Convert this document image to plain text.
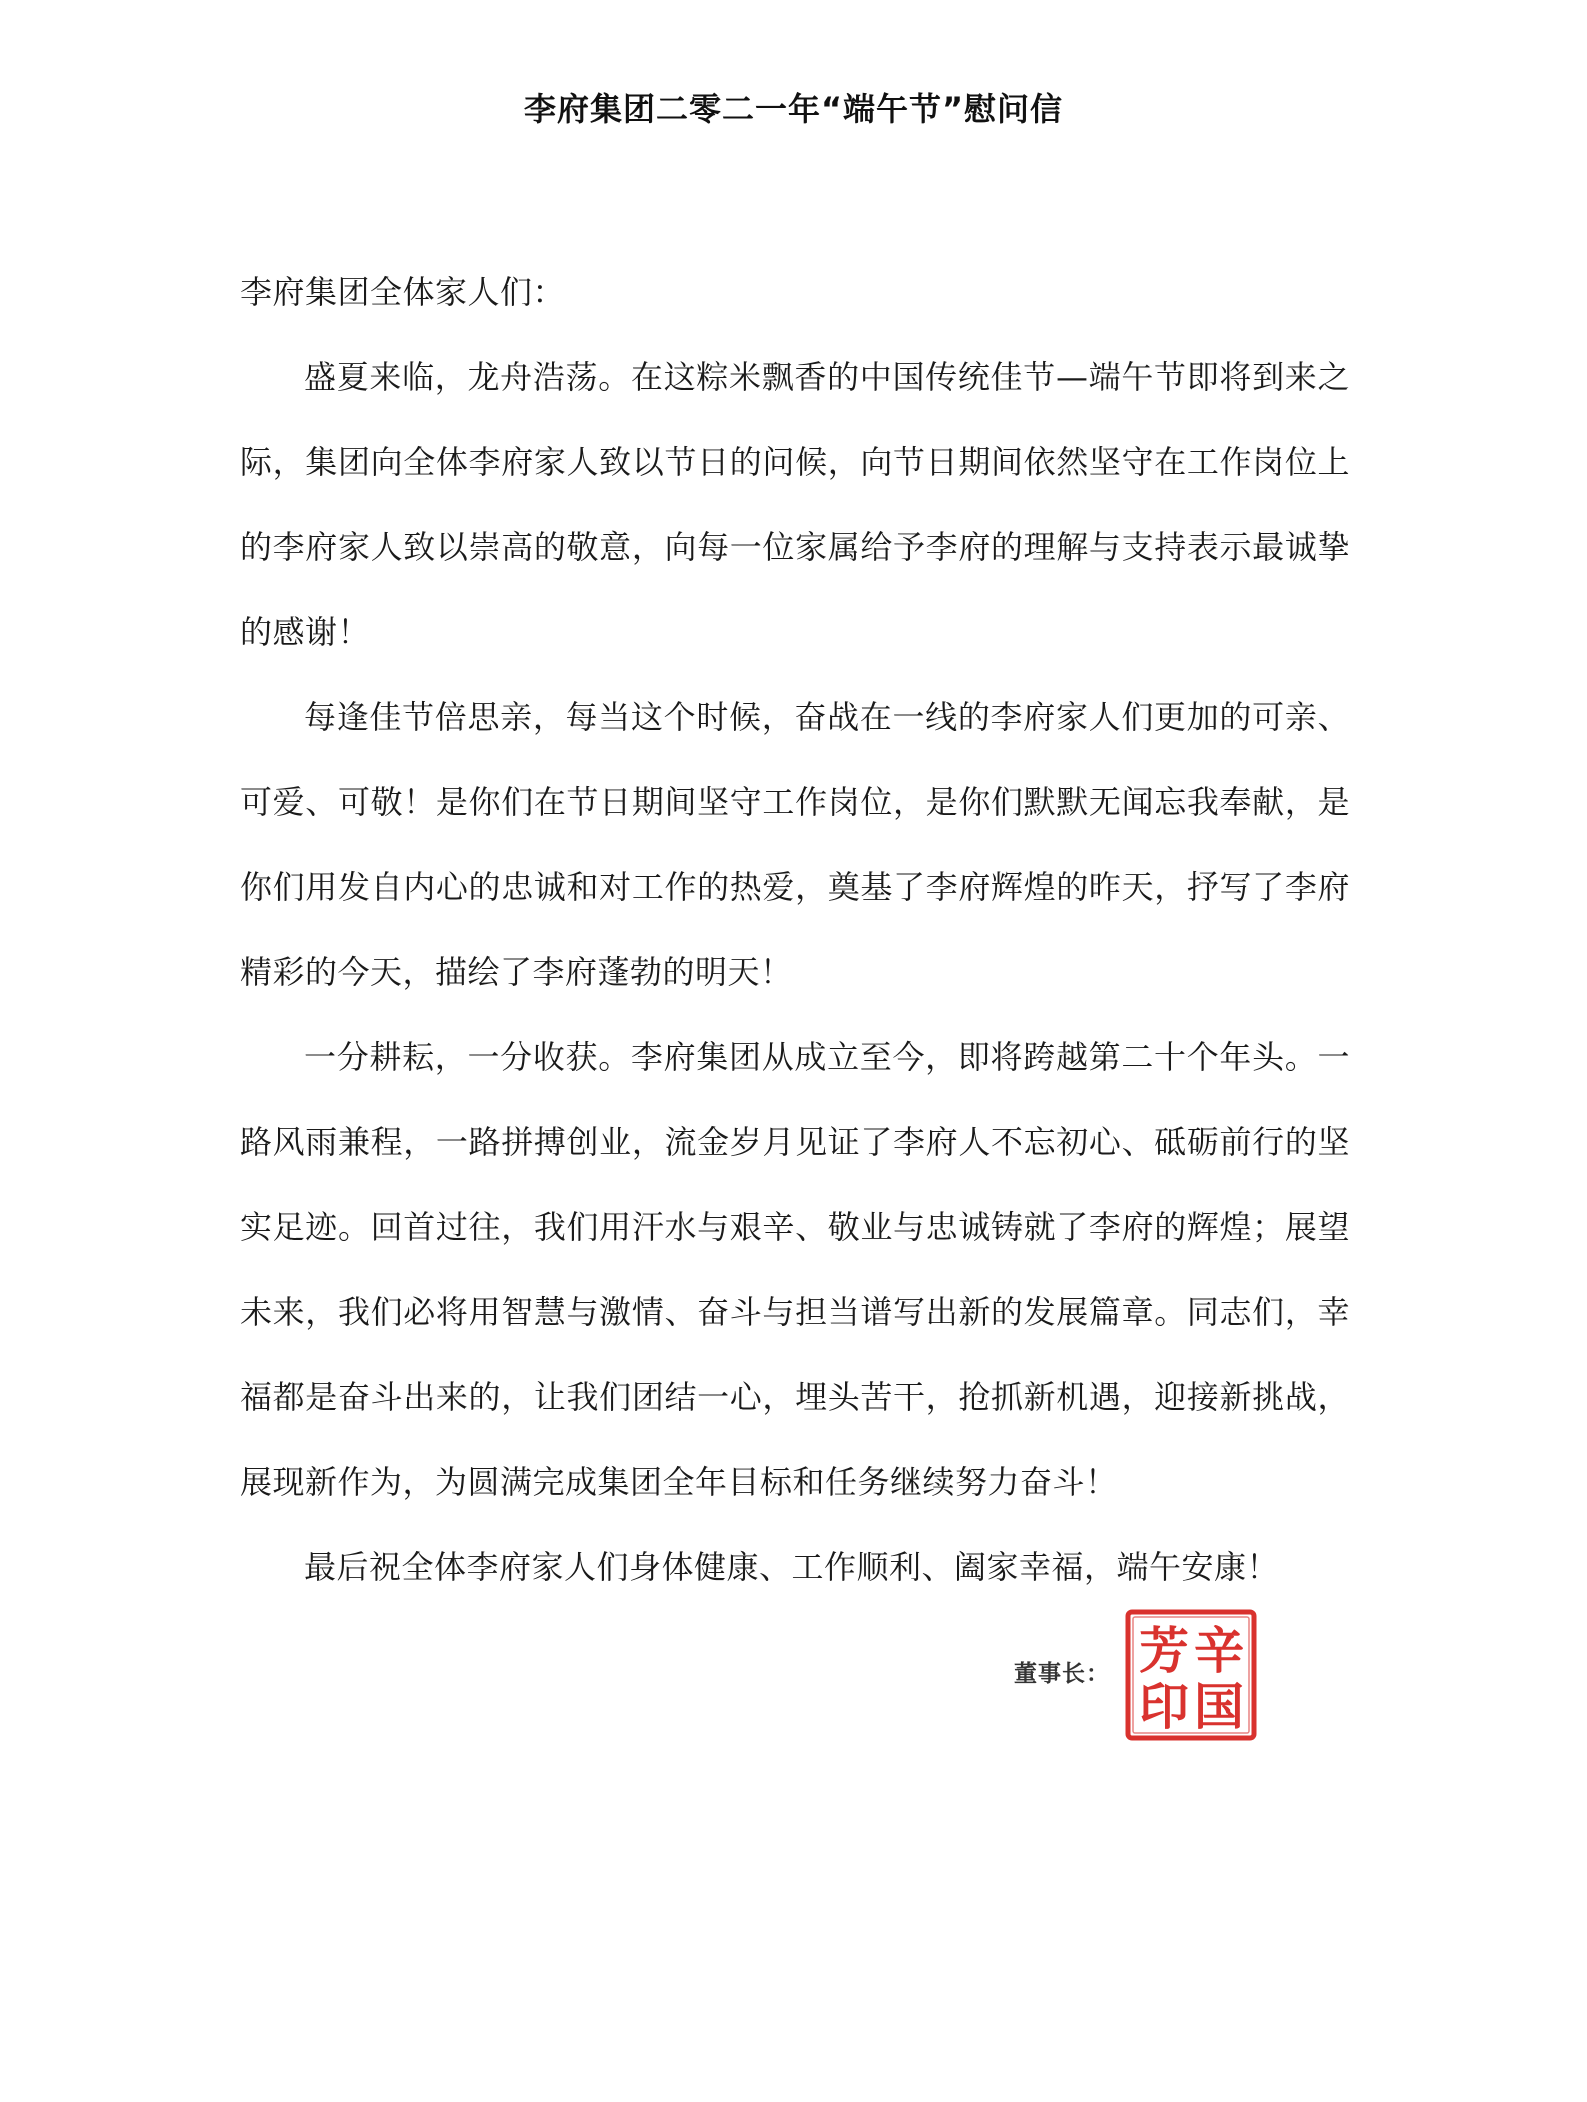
李府集团二零二一年“端午节”慰问信

李府集团全体家人们：

盛夏来临，龙舟浩荡。在这粽米飘香的中国传统佳节—端午节即将到来之际，集团向全体李府家人致以节日的问候，向节日期间依然坚守在工作岗位上的李府家人致以崇高的敬意，向每一位家属给予李府的理解与支持表示最诚挚的感谢！

每逢佳节倍思亲，每当这个时候，奋战在一线的李府家人们更加的可亲、可爱、可敬！是你们在节日期间坚守工作岗位，是你们默默无闻忘我奉献，是你们用发自内心的忠诚和对工作的热爱，奠基了李府辉煌的昨天，抒写了李府精彩的今天，描绘了李府蓬勃的明天！

一分耕耘，一分收获。李府集团从成立至今，即将跨越第二十个年头。一路风雨兼程，一路拼搏创业，流金岁月见证了李府人不忘初心、砥砺前行的坚实足迹。回首过往，我们用汗水与艰辛、敬业与忠诚铸就了李府的辉煌；展望未来，我们必将用智慧与激情、奋斗与担当谱写出新的发展篇章。同志们，幸福都是奋斗出来的，让我们团结一心，埋头苦干，抢抓新机遇，迎接新挑战，展现新作为，为圆满完成集团全年目标和任务继续努力奋斗！

最后祝全体李府家人们身体健康、工作顺利、阖家幸福，端午安康！

董事长： 辛
国
芳
印
